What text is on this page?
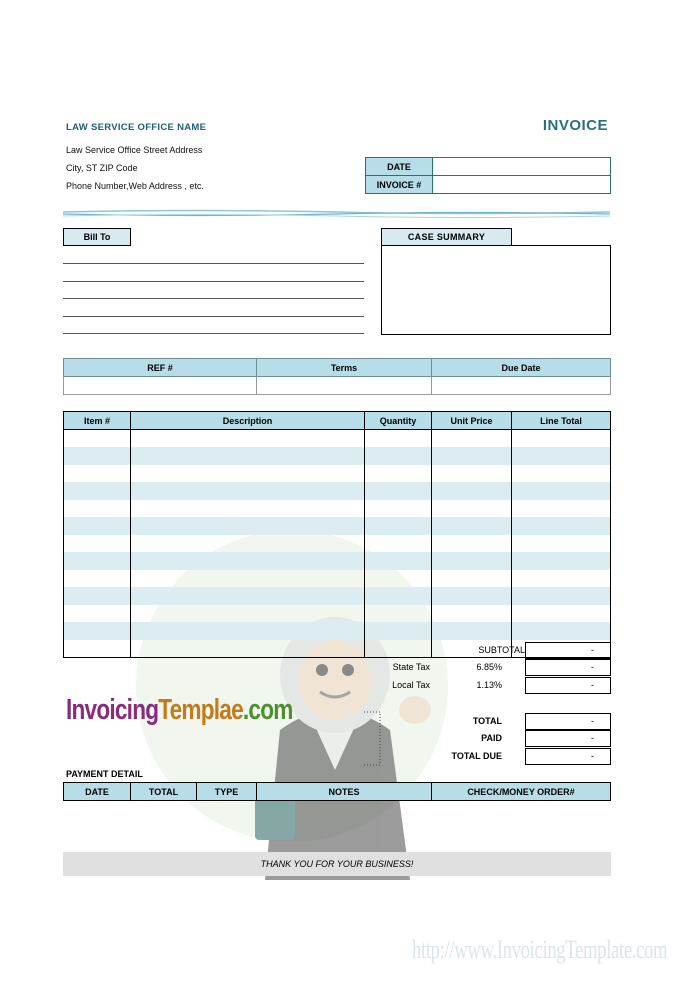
LAW SERVICE OFFICE NAME
Law Service Office Street Address
City, ST ZIP Code
Phone Number,Web Address , etc.
INVOICE
DATE	
INVOICE #	
Bill To	CASE SUMMARY
REF #	Terms	Due Date

Item #	Description	Quantity	Unit Price	Line Total

InvoicingTemplae.com
SUBTOTAL	-
State Tax	6.85%	-
Local Tax	1.13%	-
TOTAL	-
PAID	-
TOTAL DUE	-
PAYMENT DETAIL
DATE	TOTAL	TYPE	NOTES	CHECK/MONEY ORDER#
THANK YOU FOR YOUR BUSINESS!
http://www.InvoicingTemplate.com
